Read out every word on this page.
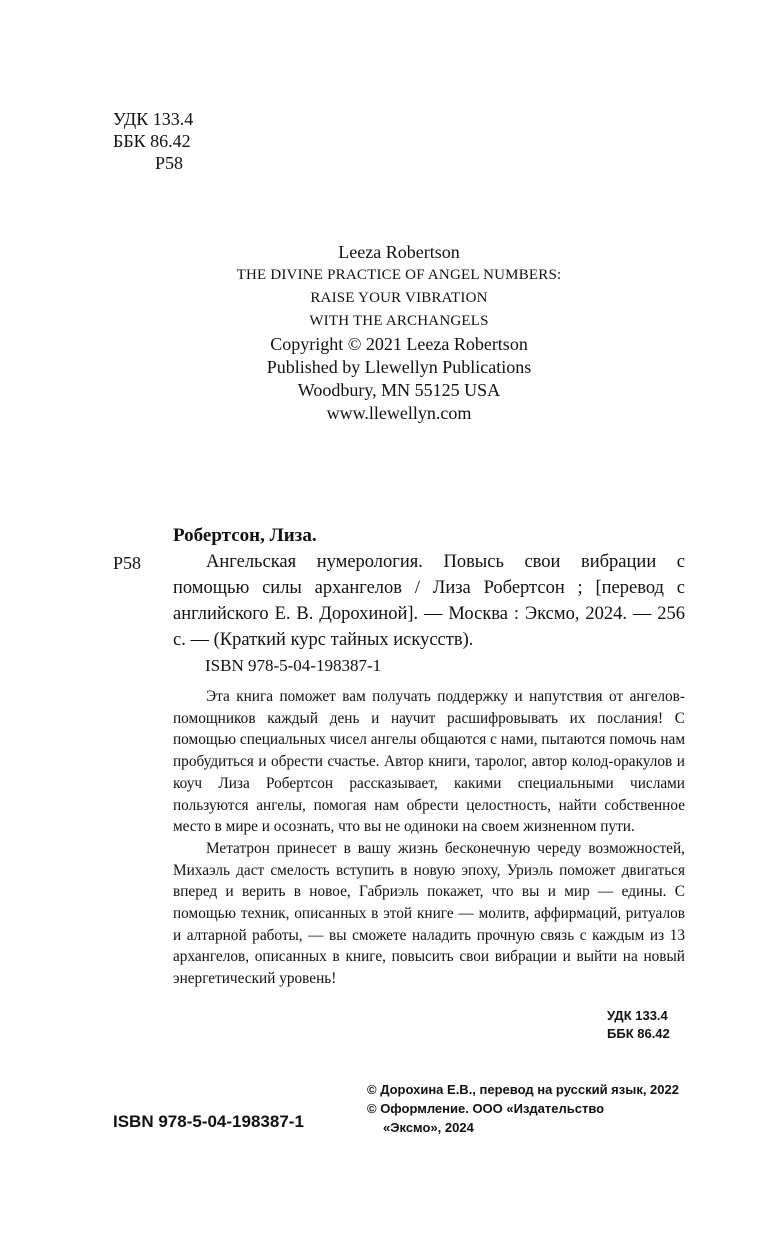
УДК 133.4
ББК 86.42
Р58
Leeza Robertson
THE DIVINE PRACTICE OF ANGEL NUMBERS:
RAISE YOUR VIBRATION
WITH THE ARCHANGELS
Copyright © 2021 Leeza Robertson
Published by Llewellyn Publications
Woodbury, MN 55125 USA
www.llewellyn.com
Робертсон, Лиза.
Р58	Ангельская нумерология. Повысь свои вибрации с помощью силы архангелов / Лиза Робертсон ; [перевод с английского Е. В. Дорохиной]. — Москва : Эксмо, 2024. — 256 с. — (Краткий курс тайных искусств).

ISBN 978-5-04-198387-1

Эта книга поможет вам получать поддержку и напутствия от ангелов-помощников каждый день и научит расшифровывать их послания! С помощью специальных чисел ангелы общаются с нами, пытаются помочь нам пробудиться и обрести счастье. Автор книги, таролог, автор колод-оракулов и коуч Лиза Робертсон рассказывает, какими специальными числами пользуются ангелы, помогая нам обрести целостность, найти собственное место в мире и осознать, что вы не одиноки на своем жизненном пути.

Метатрон принесет в вашу жизнь бесконечную череду возможностей, Михаэль даст смелость вступить в новую эпоху, Уриэль поможет двигаться вперед и верить в новое, Габриэль покажет, что вы и мир — едины. С помощью техник, описанных в этой книге — молитв, аффирмаций, ритуалов и алтарной работы, — вы сможете наладить прочную связь с каждым из 13 архангелов, описанных в книге, повысить свои вибрации и выйти на новый энергетический уровень!

УДК 133.4
ББК 86.42
© Дорохина Е.В., перевод на русский язык, 2022
© Оформление. ООО «Издательство
«Эксмо», 2024
ISBN 978-5-04-198387-1
